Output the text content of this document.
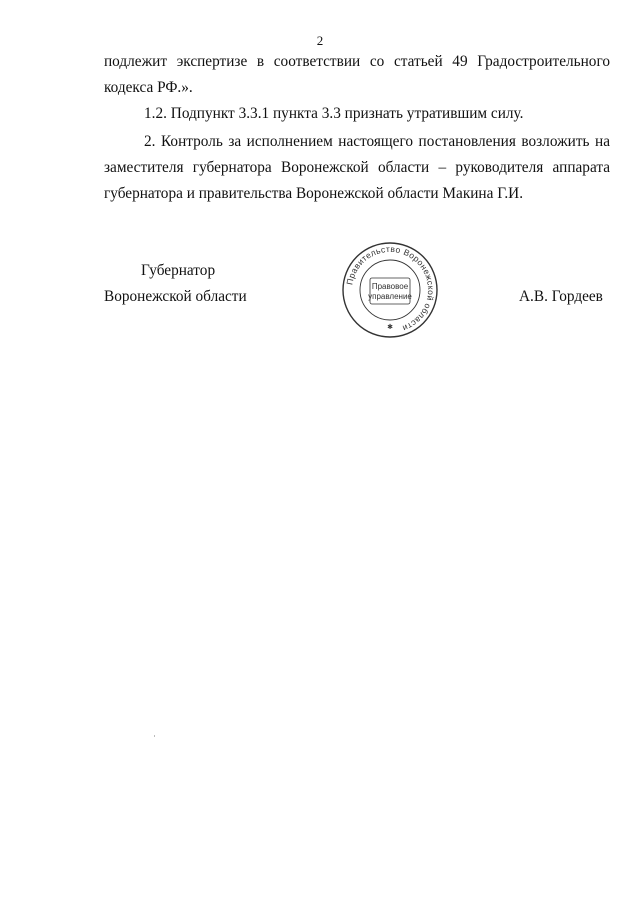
2

подлежит экспертизе в соответствии со статьей 49 Градостроительного

кодекса РФ.».

1.2. Подпункт 3.3.1 пункта 3.3 признать утратившим силу.

2. Контроль за исполнением настоящего постановления возложить на

заместителя губернатора Воронежской области – руководителя аппарата

губернатора и правительства Воронежской области Макина Г.И.

Губернатор
Воронежской области	А.В. Гордеев
Правительство Воронежской области
Правовое
управление
✱
